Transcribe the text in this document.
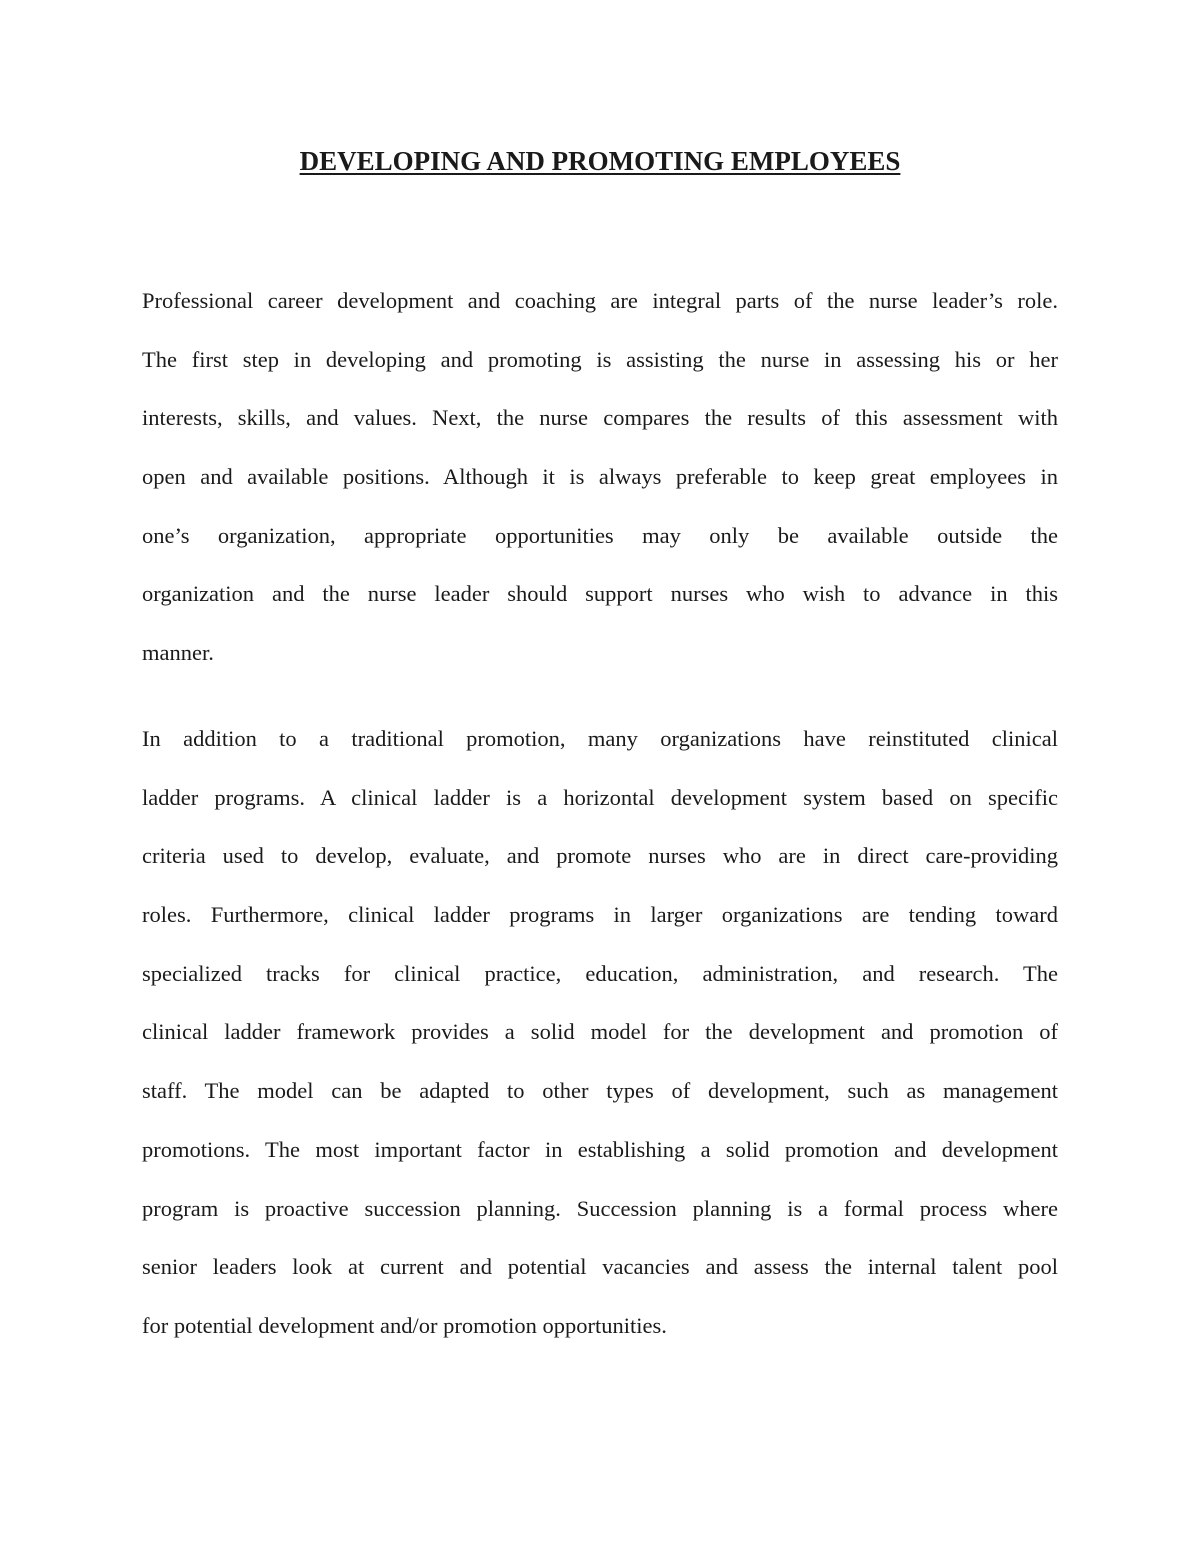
DEVELOPING AND PROMOTING EMPLOYEES
Professional career development and coaching are integral parts of the nurse leader’s role.
The first step in developing and promoting is assisting the nurse in assessing his or her
interests, skills, and values. Next, the nurse compares the results of this assessment with
open and available positions. Although it is always preferable to keep great employees in
one’s organization, appropriate opportunities may only be available outside the
organization and the nurse leader should support nurses who wish to advance in this
manner.
In addition to a traditional promotion, many organizations have reinstituted clinical
ladder programs. A clinical ladder is a horizontal development system based on specific
criteria used to develop, evaluate, and promote nurses who are in direct care-providing
roles. Furthermore, clinical ladder programs in larger organizations are tending toward
specialized tracks for clinical practice, education, administration, and research. The
clinical ladder framework provides a solid model for the development and promotion of
staff. The model can be adapted to other types of development, such as management
promotions. The most important factor in establishing a solid promotion and development
program is proactive succession planning. Succession planning is a formal process where
senior leaders look at current and potential vacancies and assess the internal talent pool
for potential development and/or promotion opportunities.
